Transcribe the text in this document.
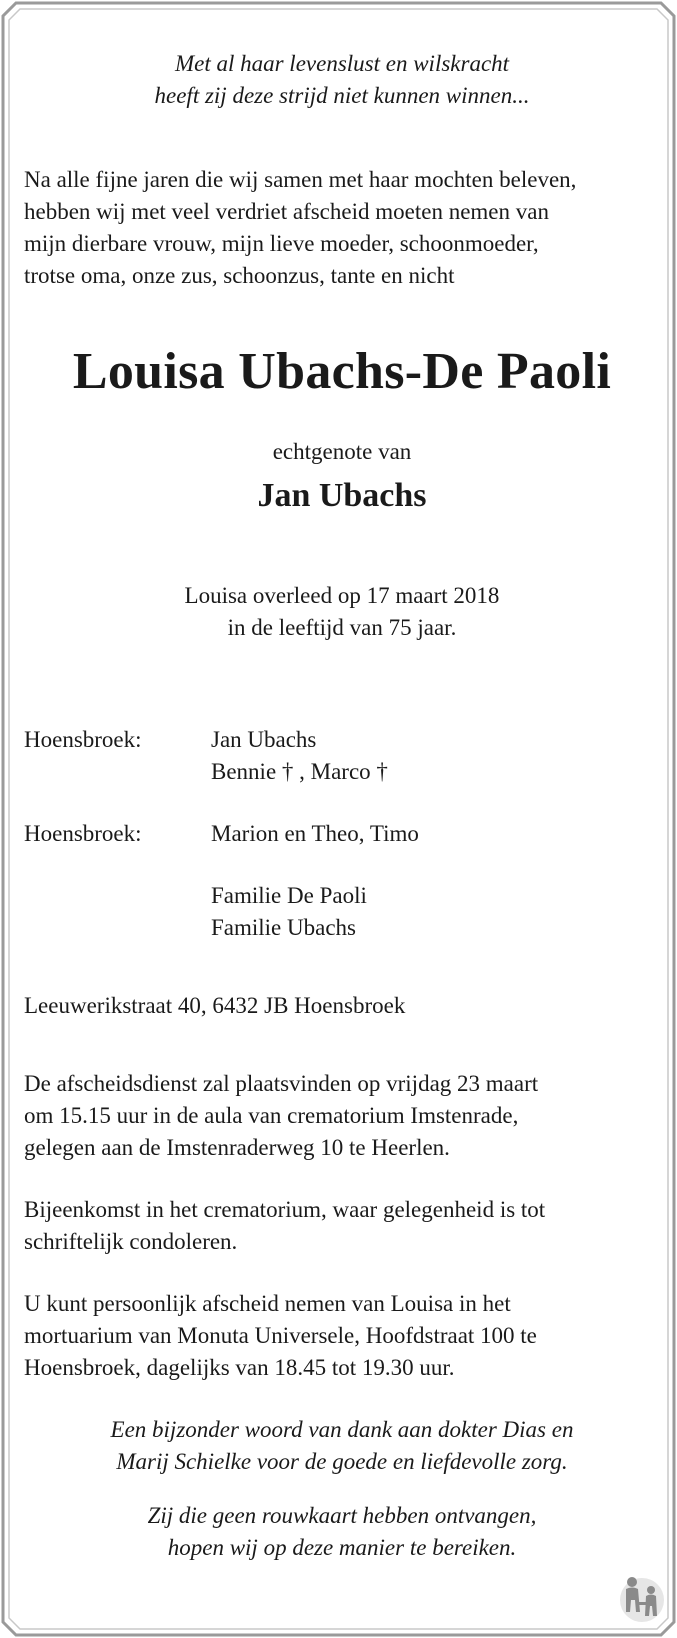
Met al haar levenslust en wilskracht
heeft zij deze strijd niet kunnen winnen...

Na alle fijne jaren die wij samen met haar mochten beleven,
hebben wij met veel verdriet afscheid moeten nemen van
mijn dierbare vrouw, mijn lieve moeder, schoonmoeder,
trotse oma, onze zus, schoonzus, tante en nicht

Louisa Ubachs-De Paoli

echtgenote van

Jan Ubachs

Louisa overleed op 17 maart 2018
in de leeftijd van 75 jaar.

Hoensbroek:	Jan Ubachs
Bennie † , Marco †
Hoensbroek:	Marion en Theo, Timo
Familie De Paoli
Familie Ubachs

Leeuwerikstraat 40, 6432 JB Hoensbroek

De afscheidsdienst zal plaatsvinden op vrijdag 23 maart
om 15.15 uur in de aula van crematorium Imstenrade,
gelegen aan de Imstenraderweg 10 te Heerlen.

Bijeenkomst in het crematorium, waar gelegenheid is tot
schriftelijk condoleren.

U kunt persoonlijk afscheid nemen van Louisa in het
mortuarium van Monuta Universele, Hoofdstraat 100 te
Hoensbroek, dagelijks van 18.45 tot 19.30 uur.

Een bijzonder woord van dank aan dokter Dias en
Marij Schielke voor de goede en liefdevolle zorg.

Zij die geen rouwkaart hebben ontvangen,
hopen wij op deze manier te bereiken.
